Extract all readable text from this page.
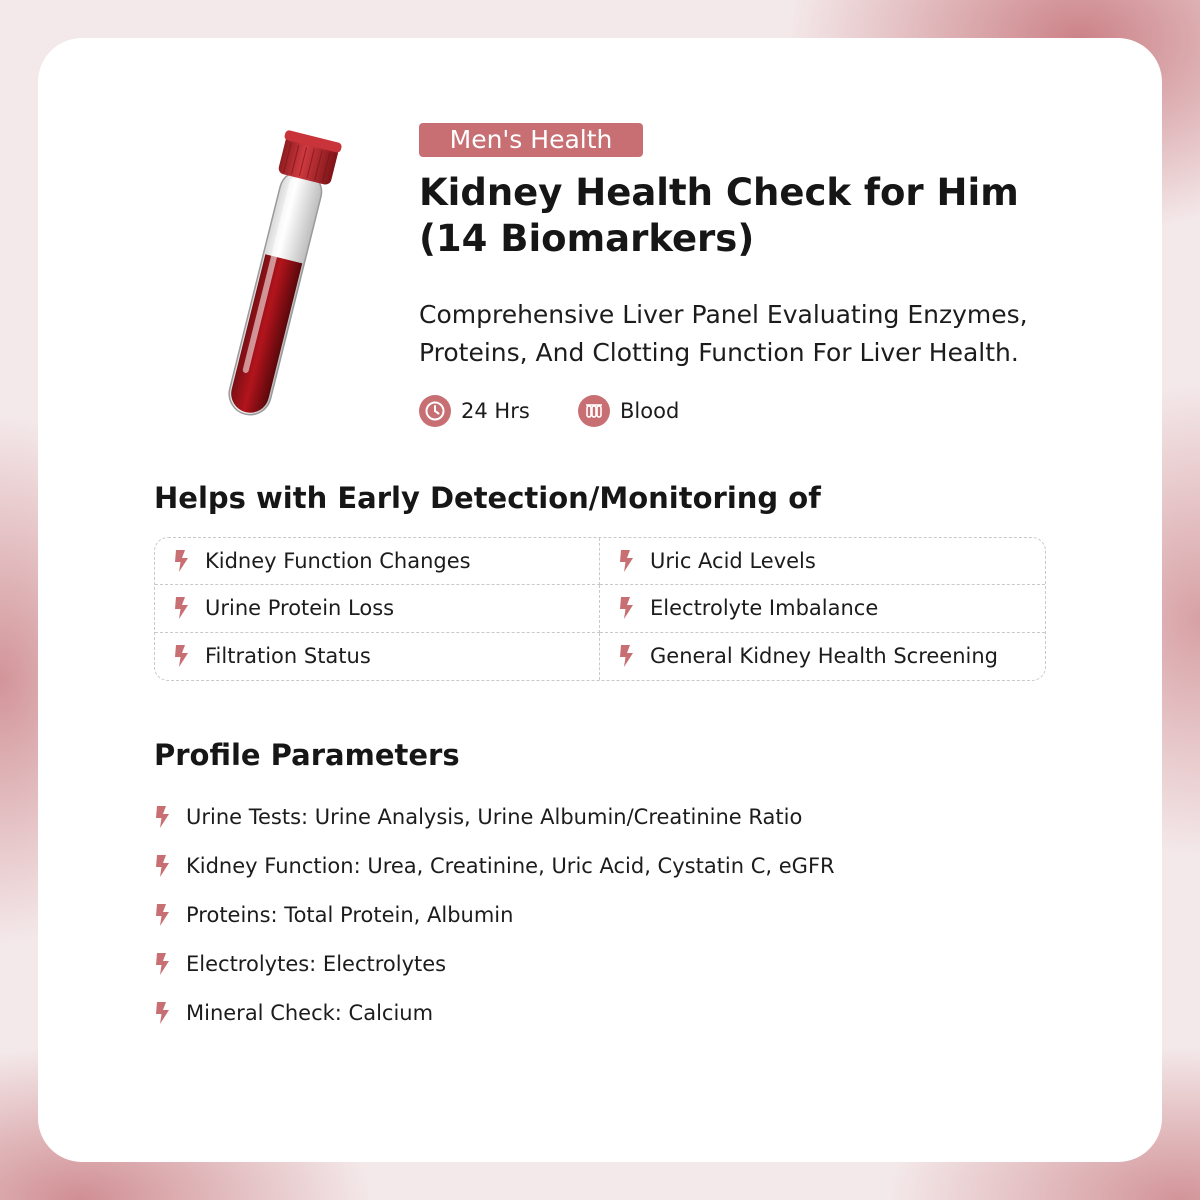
Men's Health
Kidney Health Check for Him
(14 Biomarkers)
Comprehensive Liver Panel Evaluating Enzymes,
Proteins, And Clotting Function For Liver Health.
24 Hrs	Blood
Helps with Early Detection/Monitoring of
Kidney Function Changes	Uric Acid Levels
Urine Protein Loss	Electrolyte Imbalance
Filtration Status	General Kidney Health Screening
Profile Parameters
Urine Tests: Urine Analysis, Urine Albumin/Creatinine Ratio
Kidney Function: Urea, Creatinine, Uric Acid, Cystatin C, eGFR
Proteins: Total Protein, Albumin
Electrolytes: Electrolytes
Mineral Check: Calcium
